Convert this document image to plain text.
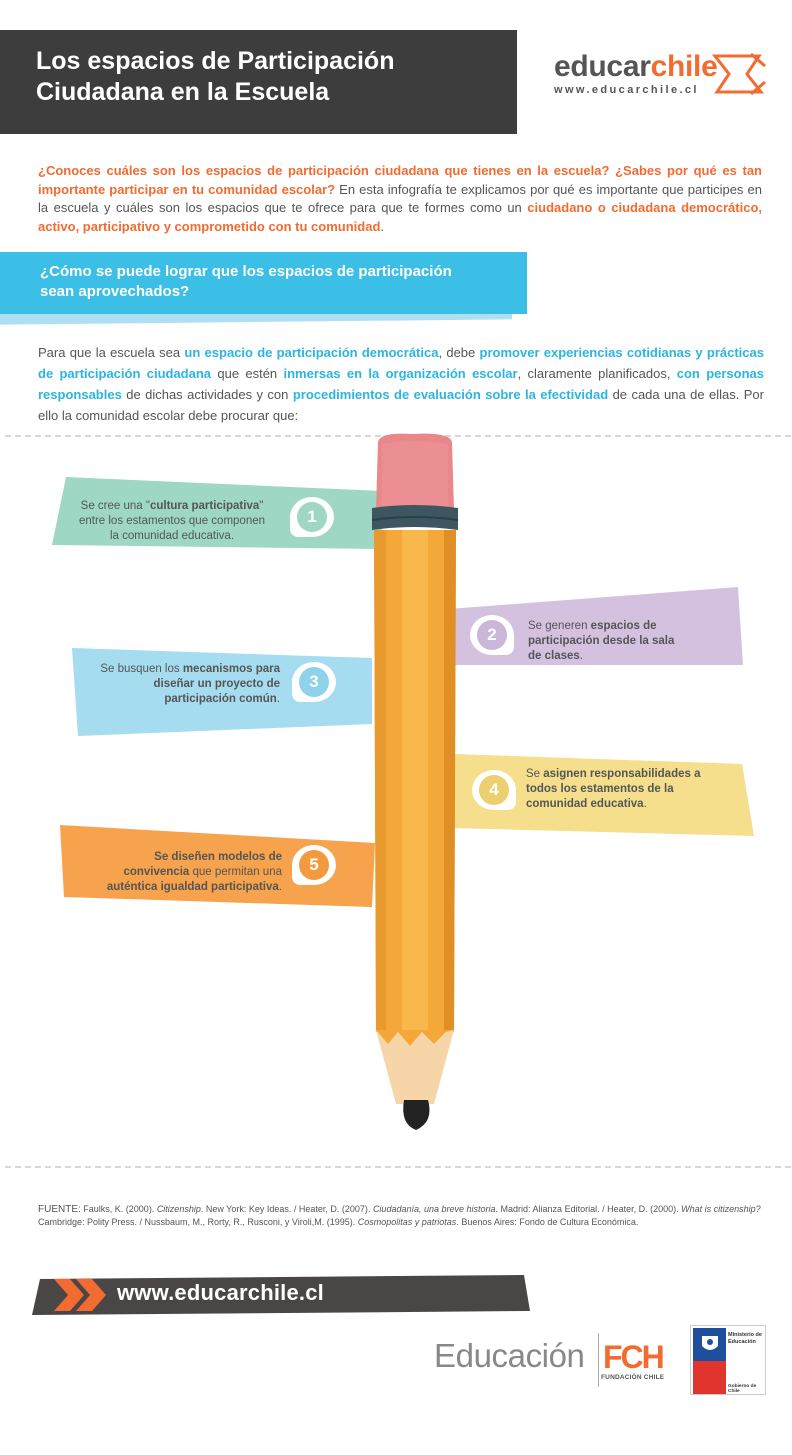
Los espacios de Participación
Ciudadana en la Escuela
educarchile
www.educarchile.cl
¿Conoces cuáles son los espacios de participación ciudadana que tienes en la escuela? ¿Sabes por qué es tan importante participar en tu comunidad escolar? En esta infografía te explicamos por qué es importante que participes en la escuela y cuáles son los espacios que te ofrece para que te formes como un ciudadano o ciudadana democrático, activo, participativo y comprometido con tu comunidad.
¿Cómo se puede lograr que los espacios de participación
sean aprovechados?
Para que la escuela sea un espacio de participación democrática, debe promover experiencias cotidianas y prácticas de participación ciudadana que estén inmersas en la organización escolar, claramente planificados, con personas responsables de dichas actividades y con procedimientos de evaluación sobre la efectividad de cada una de ellas. Por ello la comunidad escolar debe procurar que:
Se cree una "cultura participativa"
entre los estamentos que componen
la comunidad educativa.
1
2	Se generen espacios de
participación desde la sala
de clases.
Se busquen los mecanismos para
diseñar un proyecto de
participación común.
3
4
Se asignen responsabilidades a
todos los estamentos de la
comunidad educativa.
Se diseñen modelos de
convivencia que permitan una
auténtica igualdad participativa.
5
FUENTE: Faulks, K. (2000). Citizenship. New York: Key Ideas. / Heater, D. (2007). Ciudadanía, una breve historia. Madrid: Alianza Editorial. / Heater, D. (2000). What is citizenship? Cambridge: Polity Press. / Nussbaum, M., Rorty, R., Rusconi, y Viroli,M. (1995). Cosmopolitas y patriotas. Buenos Aires: Fondo de Cultura Económica.
www.educarchile.cl
Educación FCH
FUNDACIÓN CHILE
Ministerio de
Educación
Gobierno de Chile
